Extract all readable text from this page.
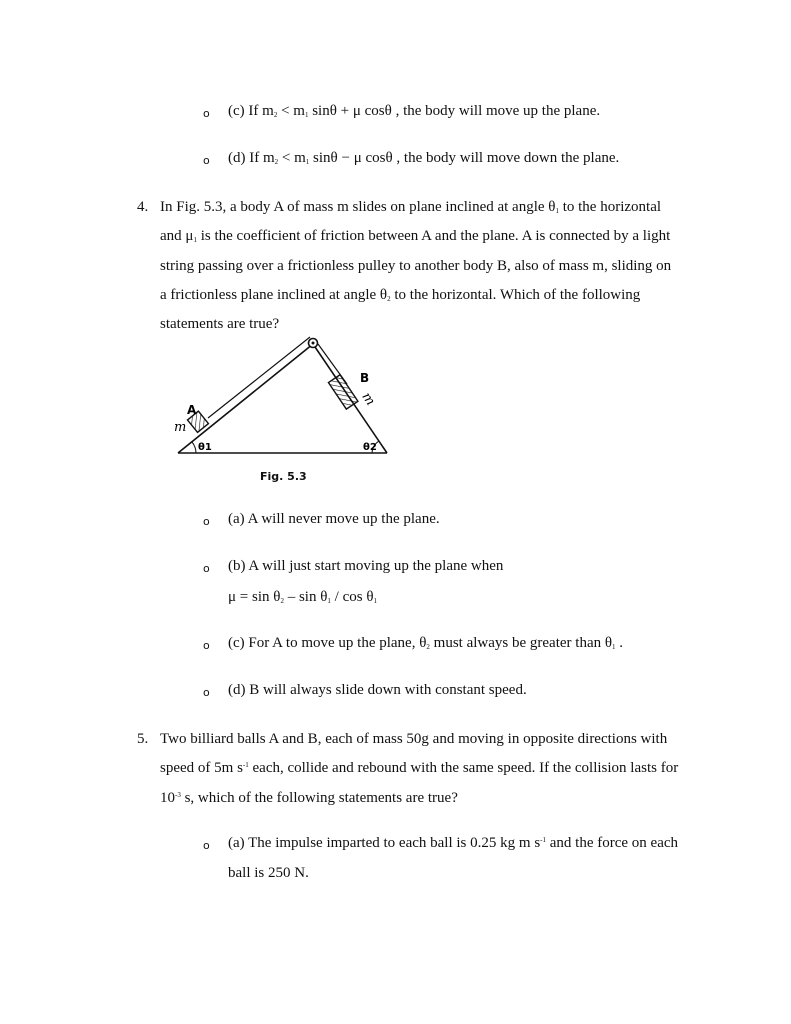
o (c) If $m_2 < m_1$ sinθ + μ cosθ , the body will move up the plane.
o (d) If $m_2 < m_1$ sinθ − μ cosθ , the body will move down the plane.
4. In Fig. 5.3, a body A of mass m slides on plane inclined at angle $\theta_1$ to the horizontal
and $\mu_1$ is the coefficient of friction between A and the plane. A is connected by a light
string passing over a frictionless pulley to another body B, also of mass m, sliding on
a frictionless plane inclined at angle $\theta_2$ to the horizontal. Which of the following
statements are true?
A
m
B
m
θ1	θ2
Fig. 5.3
o (a) A will never move up the plane.
o (b) A will just start moving up the plane when
$\mu = \sin \theta_2 - \sin \theta_1 / \cos \theta_1$
o (c) For A to move up the plane, $\theta_2$ must always be greater than $\theta_1$ .
o (d) B will always slide down with constant speed.
5. Two billiard balls A and B, each of mass 50g and moving in opposite directions with
speed of 5m $s^{-1}$ each, collide and rebound with the same speed. If the collision lasts for
$10^{-3}$ s, which of the following statements are true?
o (a) The impulse imparted to each ball is 0.25 kg m $s^{-1}$ and the force on each
ball is 250 N.
